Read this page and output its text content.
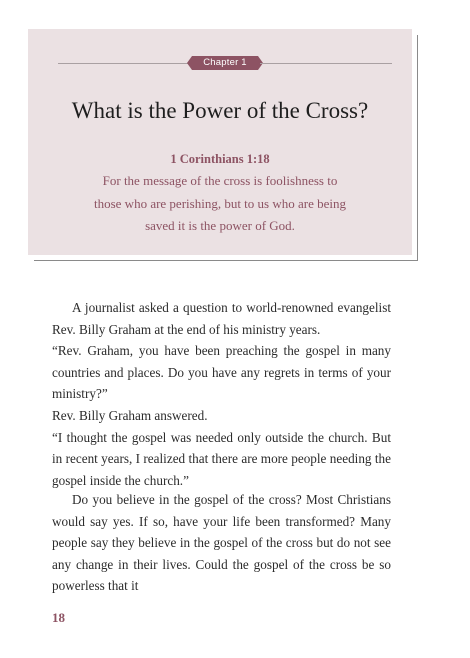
Chapter 1
What is the Power of the Cross?
1 Corinthians 1:18
For the message of the cross is foolishness to those who are perishing, but to us who are being saved it is the power of God.

A journalist asked a question to world-renowned evangelist Rev. Billy Graham at the end of his ministry years.

“Rev. Graham, you have been preaching the gospel in many countries and places. Do you have any regrets in terms of your ministry?”

Rev. Billy Graham answered.

“I thought the gospel was needed only outside the church. But in recent years, I realized that there are more people needing the gospel inside the church.”

Do you believe in the gospel of the cross? Most Christians would say yes. If so, have your life been transformed? Many people say they believe in the gospel of the cross but do not see any change in their lives. Could the gospel of the cross be so powerless that it

18
